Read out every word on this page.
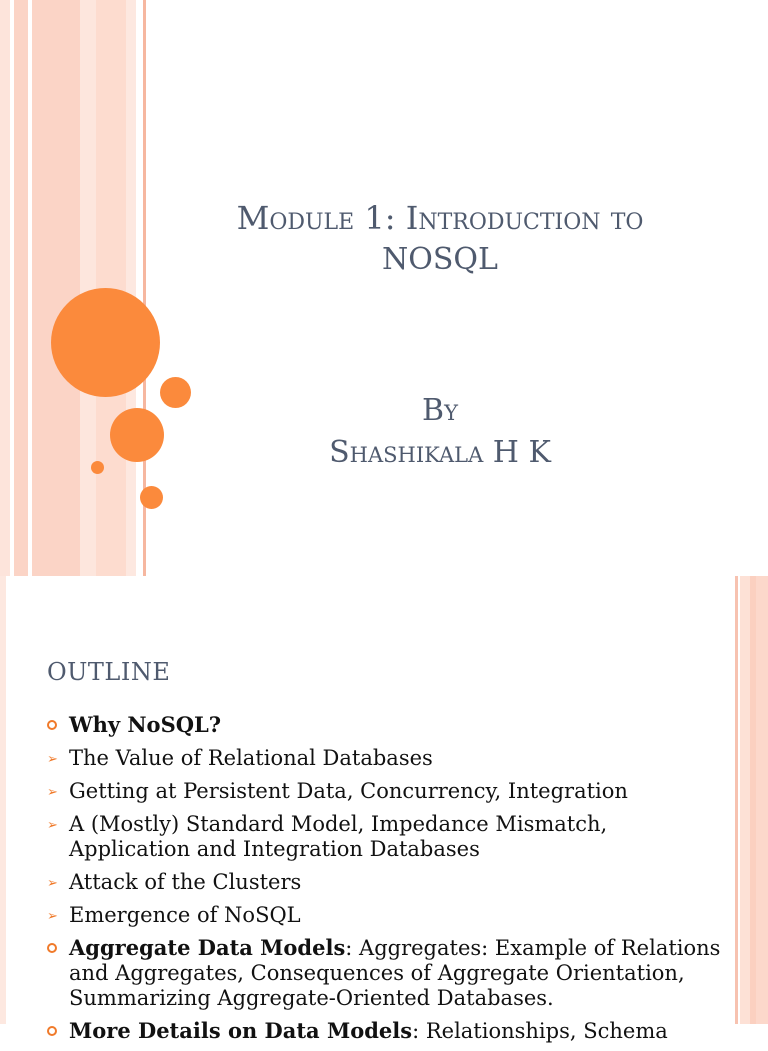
Module 1: Introduction to
NOSQL
By
Shashikala H K
OUTLINE
Why NoSQL?
➢ The Value of Relational Databases
➢ Getting at Persistent Data, Concurrency, Integration
➢ A (Mostly) Standard Model, Impedance Mismatch, Application and Integration Databases
➢ Attack of the Clusters
➢ Emergence of NoSQL
Aggregate Data Models: Aggregates: Example of Relations and Aggregates, Consequences of Aggregate Orientation, Summarizing Aggregate-Oriented Databases.
More Details on Data Models: Relationships, Schema
